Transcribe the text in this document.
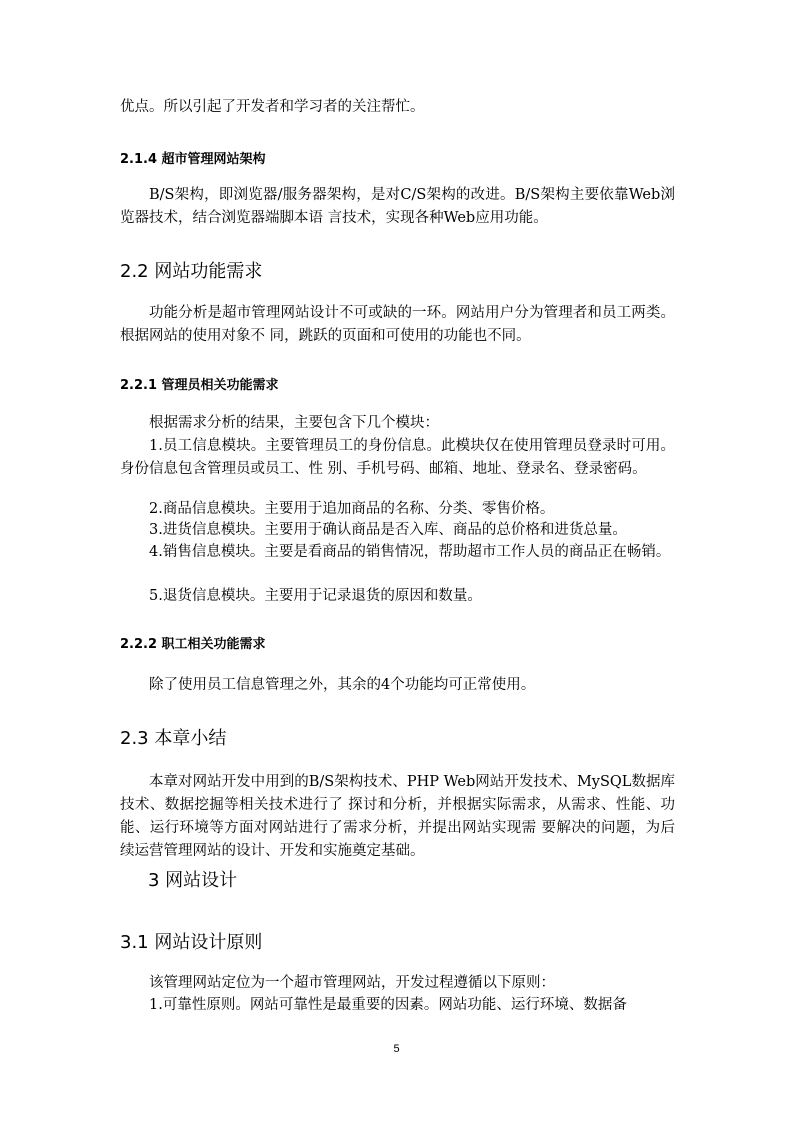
优点。所以引起了开发者和学习者的关注帮忙。

2.1.4 超市管理网站架构

B/S架构，即浏览器/服务器架构，是对C/S架构的改进。B/S架构主要依靠Web浏览器技术，结合浏览器端脚本语 言技术，实现各种Web应用功能。

2.2 网站功能需求

功能分析是超市管理网站设计不可或缺的一环。网站用户分为管理者和员工两类。根据网站的使用对象不 同，跳跃的页面和可使用的功能也不同。

2.2.1 管理员相关功能需求

根据需求分析的结果，主要包含下几个模块：

1.员工信息模块。主要管理员工的身份信息。此模块仅在使用管理员登录时可用。身份信息包含管理员或员工、性 别、手机号码、邮箱、地址、登录名、登录密码。

2.商品信息模块。主要用于追加商品的名称、分类、零售价格。

3.进货信息模块。主要用于确认商品是否入库、商品的总价格和进货总量。

4.销售信息模块。主要是看商品的销售情况，帮助超市工作人员的商品正在畅销。

5.退货信息模块。主要用于记录退货的原因和数量。

2.2.2 职工相关功能需求

除了使用员工信息管理之外，其余的4个功能均可正常使用。

2.3 本章小结

本章对网站开发中用到的B/S架构技术、PHP Web网站开发技术、MySQL数据库技术、数据挖掘等相关技术进行了 探讨和分析，并根据实际需求，从需求、性能、功能、运行环境等方面对网站进行了需求分析，并提出网站实现需 要解决的问题，为后续运营管理网站的设计、开发和实施奠定基础。

3 网站设计

3.1 网站设计原则

该管理网站定位为一个超市管理网站，开发过程遵循以下原则：

1.可靠性原则。网站可靠性是最重要的因素。网站功能、运行环境、数据备

5
